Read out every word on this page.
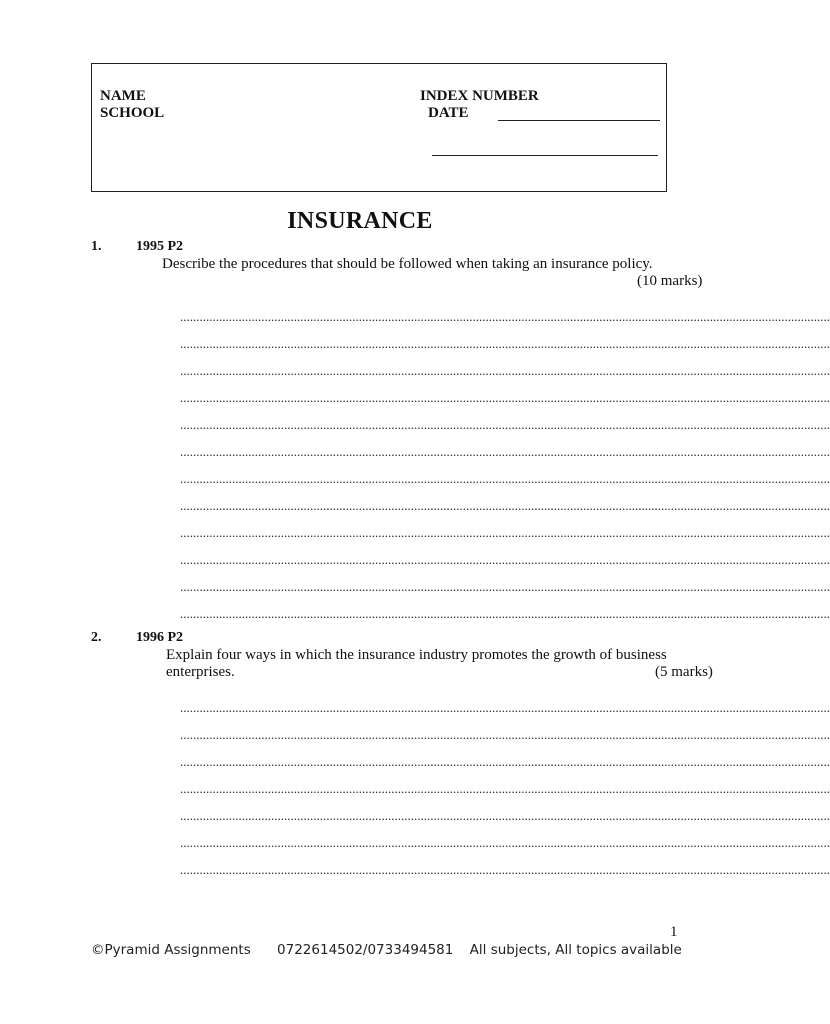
NAME
SCHOOL
INDEX NUMBER
DATE
INSURANCE
1. 1995 P2
Describe the procedures that should be followed when taking an insurance policy.
(10 marks)
........................................................................................................................................................................................................
........................................................................................................................................................................................................
........................................................................................................................................................................................................
........................................................................................................................................................................................................
........................................................................................................................................................................................................
........................................................................................................................................................................................................
........................................................................................................................................................................................................
........................................................................................................................................................................................................
........................................................................................................................................................................................................
........................................................................................................................................................................................................
........................................................................................................................................................................................................
........................................................................................................................................................................................................
2. 1996 P2
Explain four ways in which the insurance industry promotes the growth of business
enterprises.	(5 marks)
........................................................................................................................................................................................................
........................................................................................................................................................................................................
........................................................................................................................................................................................................
........................................................................................................................................................................................................
........................................................................................................................................................................................................
........................................................................................................................................................................................................
........................................................................................................................................................................................................
1
©Pyramid Assignments 0722614502/0733494581 All subjects, All topics available
